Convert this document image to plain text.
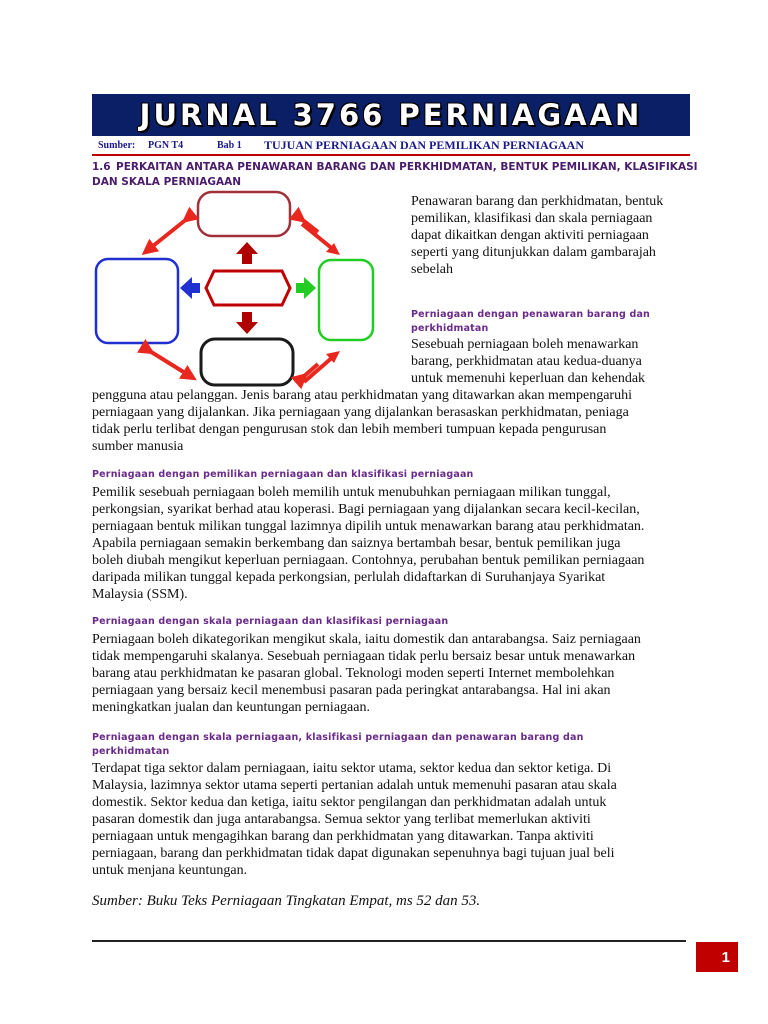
JURNAL 3766 PERNIAGAAN
Sumber: PGN T4	Bab 1 TUJUAN PERNIAGAAN DAN PEMILIKAN PERNIAGAAN
1.6 PERKAITAN ANTARA PENAWARAN BARANG DAN PERKHIDMATAN, BENTUK PEMILIKAN, KLASIFIKASI
DAN SKALA PERNIAGAAN

Penawaran barang dan perkhidmatan, bentuk

pemilikan, klasifikasi dan skala perniagaan

dapat dikaitkan dengan aktiviti perniagaan

seperti yang ditunjukkan dalam gambarajah

sebelah

Perniagaan dengan penawaran barang dan

perkhidmatan

Sesebuah perniagaan boleh menawarkan

barang, perkhidmatan atau kedua-duanya

untuk memenuhi keperluan dan kehendak

pengguna atau pelanggan. Jenis barang atau perkhidmatan yang ditawarkan akan mempengaruhi

perniagaan yang dijalankan. Jika perniagaan yang dijalankan berasaskan perkhidmatan, peniaga

tidak perlu terlibat dengan pengurusan stok dan lebih memberi tumpuan kepada pengurusan

sumber manusia

Perniagaan dengan pemilikan perniagaan dan klasifikasi perniagaan

Pemilik sesebuah perniagaan boleh memilih untuk menubuhkan perniagaan milikan tunggal,

perkongsian, syarikat berhad atau koperasi. Bagi perniagaan yang dijalankan secara kecil-kecilan,

perniagaan bentuk milikan tunggal lazimnya dipilih untuk menawarkan barang atau perkhidmatan.

Apabila perniagaan semakin berkembang dan saiznya bertambah besar, bentuk pemilikan juga

boleh diubah mengikut keperluan perniagaan. Contohnya, perubahan bentuk pemilikan perniagaan

daripada milikan tunggal kepada perkongsian, perlulah didaftarkan di Suruhanjaya Syarikat

Malaysia (SSM).

Perniagaan dengan skala perniagaan dan klasifikasi perniagaan

Perniagaan boleh dikategorikan mengikut skala, iaitu domestik dan antarabangsa. Saiz perniagaan

tidak mempengaruhi skalanya. Sesebuah perniagaan tidak perlu bersaiz besar untuk menawarkan

barang atau perkhidmatan ke pasaran global. Teknologi moden seperti Internet membolehkan

perniagaan yang bersaiz kecil menembusi pasaran pada peringkat antarabangsa. Hal ini akan

meningkatkan jualan dan keuntungan perniagaan.

Perniagaan dengan skala perniagaan, klasifikasi perniagaan dan penawaran barang dan

perkhidmatan

Terdapat tiga sektor dalam perniagaan, iaitu sektor utama, sektor kedua dan sektor ketiga. Di

Malaysia, lazimnya sektor utama seperti pertanian adalah untuk memenuhi pasaran atau skala

domestik. Sektor kedua dan ketiga, iaitu sektor pengilangan dan perkhidmatan adalah untuk

pasaran domestik dan juga antarabangsa. Semua sektor yang terlibat memerlukan aktiviti

perniagaan untuk mengagihkan barang dan perkhidmatan yang ditawarkan. Tanpa aktiviti

perniagaan, barang dan perkhidmatan tidak dapat digunakan sepenuhnya bagi tujuan jual beli

untuk menjana keuntungan.

Sumber: Buku Teks Perniagaan Tingkatan Empat, ms 52 dan 53.
1
